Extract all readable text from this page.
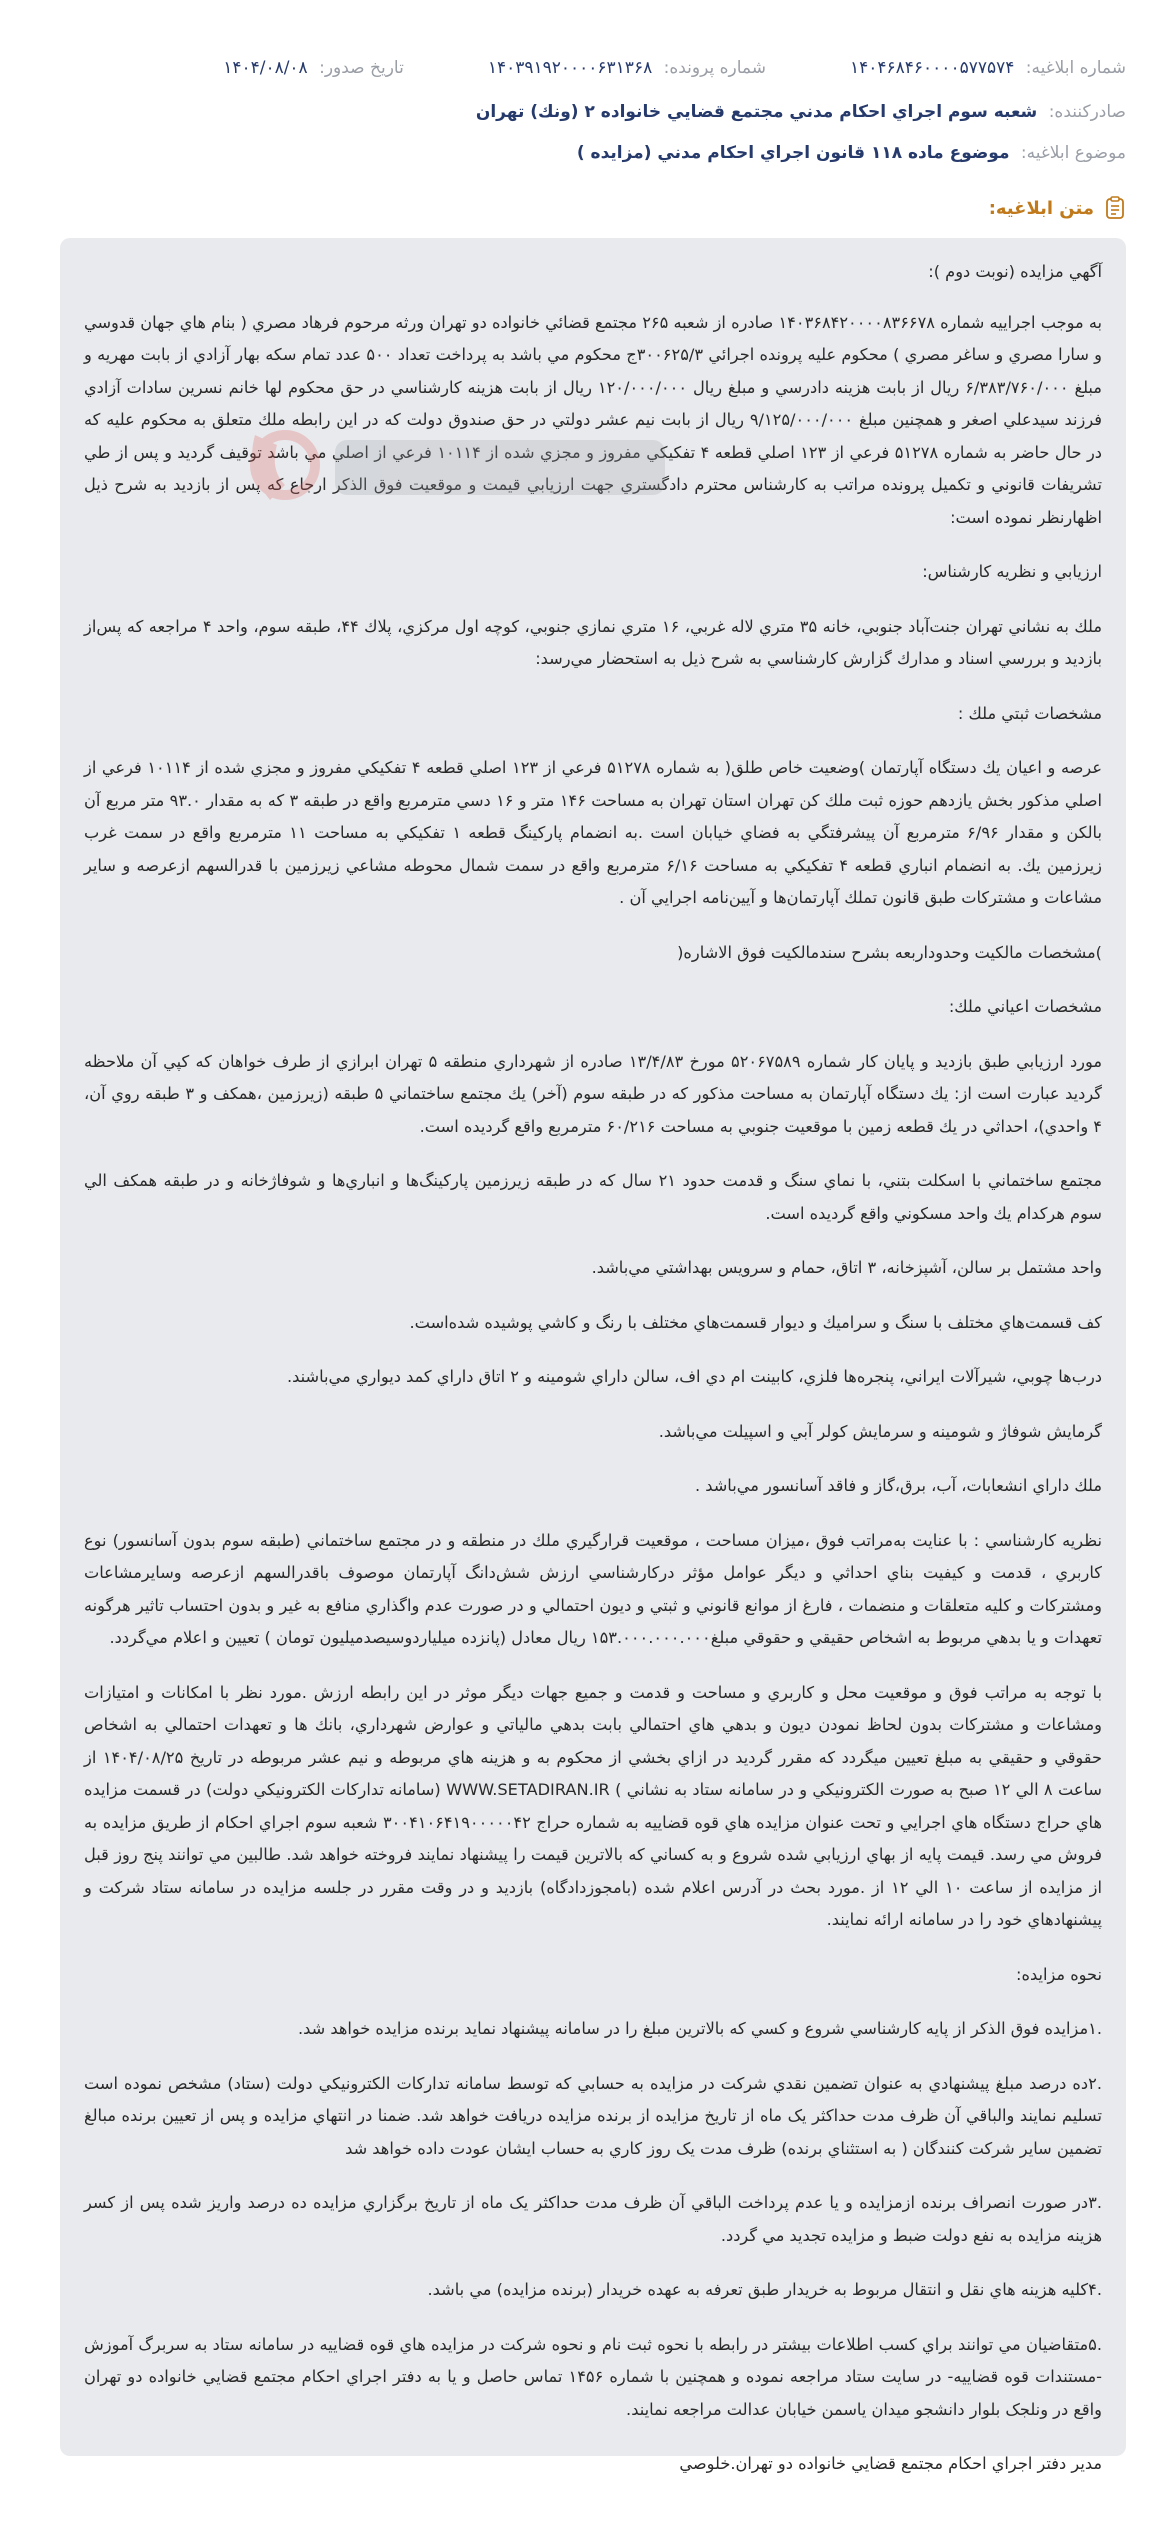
شماره ابلاغيه: ۱۴۰۴۶۸۴۶۰۰۰۰۵۷۷۵۷۴
شماره پرونده: ۱۴۰۳۹۱۹۲۰۰۰۰۶۳۱۳۶۸
تاريخ صدور: ۱۴۰۴/۰۸/۰۸
صادرکننده: شعبه سوم اجراي احكام مدني مجتمع قضايي خانواده ۲ (ونك) تهران
موضوع ابلاغيه: موضوع ماده ۱۱۸ قانون اجراي احكام مدني (مزايده )
متن ابلاغيه:

آگهي مزايده (نوبت دوم ):

به موجب اجراييه شماره ۱۴۰۳۶۸۴۲۰۰۰۰۸۳۶۶۷۸ صادره از شعبه ۲۶۵ مجتمع قضائي خانواده دو تهران ورثه مرحوم فرهاد مصري ( بنام هاي جهان قدوسي و سارا مصري و ساغر مصري ) محكوم عليه پرونده اجرائي ۳۰۰۶۲۵/۳ج محكوم مي باشد به پرداخت تعداد ۵۰۰ عدد تمام سكه بهار آزادي از بابت مهريه و مبلغ ۶/۳۸۳/۷۶۰/۰۰۰ ريال از بابت هزينه دادرسي و مبلغ ريال ۱۲۰/۰۰۰/۰۰۰ ريال از بابت هزينه كارشناسي در حق محكوم لها خانم نسرين سادات آزادي فرزند سيدعلي اصغر و همچنين مبلغ ۹/۱۲۵/۰۰۰/۰۰۰ ريال از بابت نيم عشر دولتي در حق صندوق دولت كه در اين رابطه ملك متعلق به محكوم عليه كه در حال حاضر به شماره ۵۱۲۷۸ فرعي از ۱۲۳ اصلي قطعه ۴ تفكيكي مفروز و مجزي شده از ۱۰۱۱۴ فرعي از اصلي مي باشد توقيف گرديد و پس از طي تشريفات قانوني و تكميل پرونده مراتب به كارشناس محترم دادگستري جهت ارزيابي قيمت و موقعيت فوق الذكر ارجاع كه پس از بازديد به شرح ذيل اظهارنظر نموده است:

ارزيابي و نظريه كارشناس:

ملك به نشاني تهران جنت‌آباد جنوبي، خانه ۳۵ متري لاله غربي، ۱۶ متري نمازي جنوبي، كوچه اول مركزي، پلاك ۴۴، طبقه سوم، واحد ۴ مراجعه كه پس‌از بازديد و بررسي اسناد و مدارك گزارش كارشناسي به شرح ذيل به استحضار مي‌رسد:

مشخصات ثبتي ملك :

عرصه و اعيان يك دستگاه آپارتمان )وضعيت خاص طلق( به شماره ۵۱۲۷۸ فرعي از ۱۲۳ اصلي قطعه ۴ تفكيكي مفروز و مجزي شده از ۱۰۱۱۴ فرعي از اصلي مذكور بخش يازدهم حوزه ثبت ملك كن تهران استان تهران به مساحت ۱۴۶ متر و ۱۶ دسي مترمربع واقع در طبقه ۳ كه به مقدار ۹۳.۰ متر مربع آن بالكن و مقدار ۶/۹۶ مترمربع آن پيشرفتگي به فضاي خيابان است .به انضمام پاركينگ قطعه ۱ تفكيكي به مساحت ۱۱ مترمربع واقع در سمت غرب زيرزمين يك. به انضمام انباري قطعه ۴ تفكيكي به مساحت ۶/۱۶ مترمربع واقع در سمت شمال محوطه مشاعي زيرزمين با قدرالسهم ازعرصه و ساير مشاعات و مشتركات طبق قانون تملك آپارتمان‌ها و آيين‌نامه اجرايي آن .

)مشخصات مالكيت وحدوداربعه بشرح سندمالكيت فوق الاشاره(

مشخصات اعياني ملك:

مورد ارزيابي طبق بازديد و پايان كار شماره ۵۲۰۶۷۵۸۹ مورخ ۱۳/۴/۸۳ صادره از شهرداري منطقه ۵ تهران ابرازي از طرف خواهان كه كپي آن ملاحظه گرديد عبارت است از: يك دستگاه آپارتمان به مساحت مذكور كه در طبقه سوم (آخر) يك مجتمع ساختماني ۵ طبقه (زيرزمين ،همكف و ۳ طبقه روي آن، ۴ واحدي)، احداثي در يك قطعه زمين با موقعيت جنوبي به مساحت ۶۰/۲۱۶ مترمربع واقع گرديده است.

مجتمع ساختماني با اسكلت بتني، با نماي سنگ و قدمت حدود ۲۱ سال كه در طبقه زيرزمين پاركينگ‌ها و انباري‌ها و شوفاژخانه و در طبقه همكف الي سوم هركدام يك واحد مسكوني واقع گرديده است.

واحد مشتمل بر سالن، آشپزخانه، ۳ اتاق، حمام و سرويس بهداشتي مي‌باشد.

كف قسمت‌هاي مختلف با سنگ و سراميك و ديوار قسمت‌هاي مختلف با رنگ و كاشي پوشيده شده‌است.

درب‌ها چوبي، شيرآلات ايراني، پنجره‌ها فلزي، كابينت ام دي اف، سالن داراي شومينه و ۲ اتاق داراي كمد ديواري مي‌باشند.

گرمايش شوفاژ و شومينه و سرمايش كولر آبي و اسپيلت مي‌باشد.

ملك داراي انشعابات، آب، برق،گاز و فاقد آسانسور مي‌باشد .

نظريه كارشناسي : با عنايت به‌مراتب فوق ،ميزان مساحت ، موقعيت قرارگيري ملك در منطقه و در مجتمع ساختماني (طبقه سوم بدون آسانسور) نوع كاربري ، قدمت و كيفيت بناي احداثي و ديگر عوامل مؤثر دركارشناسي ارزش شش‌دانگ آپارتمان موصوف باقدرالسهم ازعرصه وسايرمشاعات ومشتركات و كليه متعلقات و منضمات ، فارغ از موانع قانوني و ثبتي و ديون احتمالي و در صورت عدم واگذاري منافع به غير و بدون احتساب تاثير هرگونه تعهدات و يا بدهي مربوط به اشخاص حقيقي و حقوقي مبلغ۱۵۳.۰۰۰.۰۰۰.۰۰۰ ريال معادل (پانزده ميلياردوسيصدميليون تومان ) تعيين و اعلام مي‌گردد.

با توجه به مراتب فوق و موقعيت محل و كاربري و مساحت و قدمت و جميع جهات ديگر موثر در اين رابطه ارزش .مورد نظر با امكانات و امتيازات ومشاعات و مشتركات بدون لحاظ نمودن ديون و بدهي هاي احتمالي بابت بدهي مالياتي و عوارض شهرداري، بانك ها و تعهدات احتمالي به اشخاص حقوقي و حقيقي به مبلغ تعيين ميگردد كه مقرر گرديد در ازاي بخشي از محكوم به و هزينه هاي مربوطه و نيم عشر مربوطه در تاريخ ۱۴۰۴/۰۸/۲۵ از ساعت ۸ الي ۱۲ صبح به صورت الكترونيكي و در سامانه ستاد به نشاني ) WWW.SETADIRAN.IR (سامانه تداركات الكترونيكي دولت) در قسمت مزايده هاي حراج دستگاه هاي اجرايي و تحت عنوان مزايده هاي قوه قضاييه به شماره حراج ۳۰۰۴۱۰۶۴۱۹۰۰۰۰۰۴۲ شعبه سوم اجراي احكام از طريق مزايده به فروش مي رسد. قيمت پايه از بهاي ارزيابي شده شروع و به كساني كه بالاترين قيمت را پيشنهاد نمايند فروخته خواهد شد. طالبين مي توانند پنج روز قبل از مزايده از ساعت ۱۰ الي ۱۲ از .مورد بحث در آدرس اعلام شده (بامجوزدادگاه) بازديد و در وقت مقرر در جلسه مزايده در سامانه ستاد شركت و پيشنهادهاي خود را در سامانه ارائه نمايند.

نحوه مزايده:

.۱مزايده فوق الذكر از پايه كارشناسي شروع و كسي كه بالاترين مبلغ را در سامانه پيشنهاد نمايد برنده مزايده خواهد شد.

.۲ده درصد مبلغ پيشنهادي به عنوان تضمين نقدي شركت در مزايده به حسابي كه توسط سامانه تداركات الكترونيكي دولت (ستاد) مشخص نموده است تسليم نمايند والباقي آن ظرف مدت حداكثر يک ماه از تاريخ مزايده از برنده مزايده دريافت خواهد شد. ضمنا در انتهاي مزايده و پس از تعيين برنده مبالغ تضمين ساير شركت كنندگان ( به استثناي برنده) ظرف مدت يک روز كاري به حساب ايشان عودت داده خواهد شد

.۳در صورت انصراف برنده ازمزايده و يا عدم پرداخت الباقي آن ظرف مدت حداكثر يک ماه از تاريخ برگزاري مزايده ده درصد واريز شده پس از كسر هزينه مزايده به نفع دولت ضبط و مزايده تجديد مي گردد.

.۴كليه هزينه هاي نقل و انتقال مربوط به خريدار طبق تعرفه به عهده خريدار (برنده مزايده) مي باشد.

.۵متقاضيان مي توانند براي كسب اطلاعات بيشتر در رابطه با نحوه ثبت نام و نحوه شركت در مزايده هاي قوه قضاييه در سامانه ستاد به سربرگ آموزش -مستندات قوه قضاييه- در سايت ستاد مراجعه نموده و همچنين با شماره ۱۴۵۶ تماس حاصل و يا به دفتر اجراي احكام مجتمع قضايي خانواده دو تهران واقع در ونلجک بلوار دانشجو ميدان ياسمن خيابان عدالت مراجعه نمايند.

مدير دفتر اجراي احكام مجتمع قضايي خانواده دو تهران.خلوصي
